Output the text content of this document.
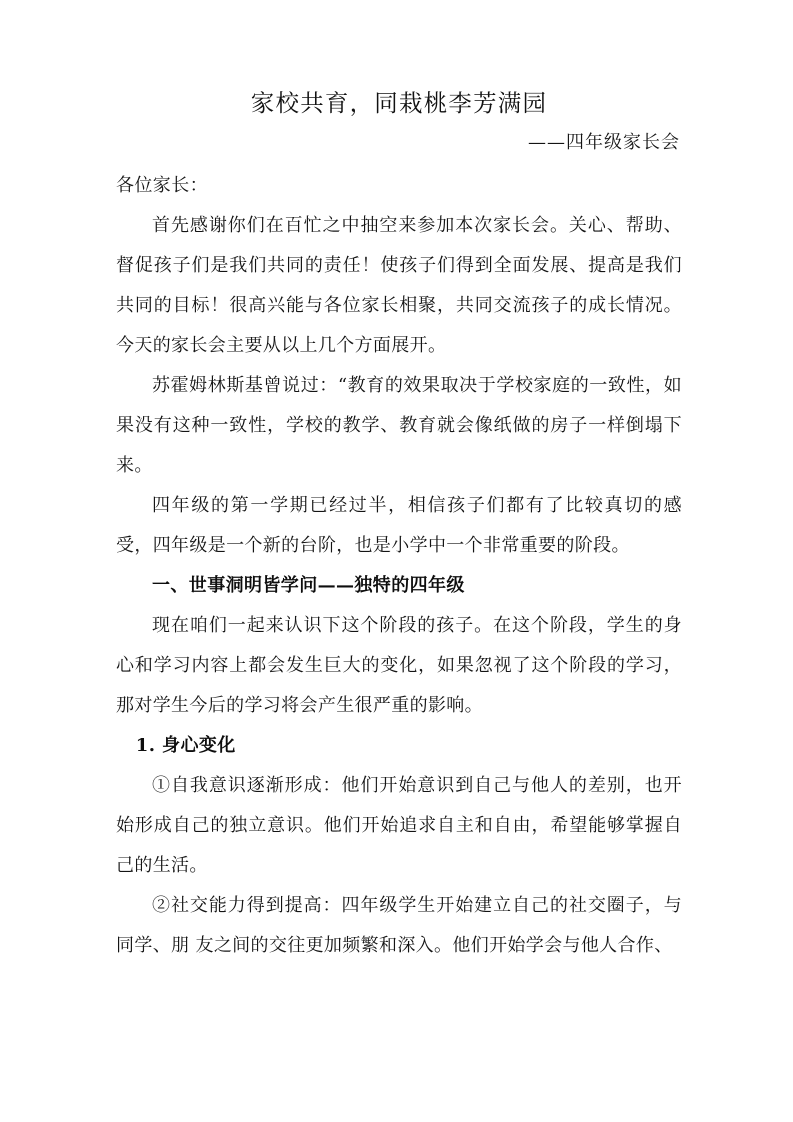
家校共育，同栽桃李芳满园
——四年级家长会

各位家长：

首先感谢你们在百忙之中抽空来参加本次家长会。关心、帮助、督促孩子们是我们共同的责任！使孩子们得到全面发展、提高是我们共同的目标！很高兴能与各位家长相聚，共同交流孩子的成长情况。今天的家长会主要从以上几个方面展开。

苏霍姆林斯基曾说过：“教育的效果取决于学校家庭的一致性，如果没有这种一致性，学校的教学、教育就会像纸做的房子一样倒塌下来。

四年级的第一学期已经过半，相信孩子们都有了比较真切的感受，四年级是一个新的台阶，也是小学中一个非常重要的阶段。

一、世事洞明皆学问——独特的四年级

现在咱们一起来认识下这个阶段的孩子。在这个阶段，学生的身心和学习内容上都会发生巨大的变化，如果忽视了这个阶段的学习，那对学生今后的学习将会产生很严重的影响。

1. 身心变化

①自我意识逐渐形成：他们开始意识到自己与他人的差别，也开始形成自己的独立意识。他们开始追求自主和自由，希望能够掌握自己的生活。

②社交能力得到提高：四年级学生开始建立自己的社交圈子，与同学、朋 友之间的交往更加频繁和深入。他们开始学会与他人合作、
